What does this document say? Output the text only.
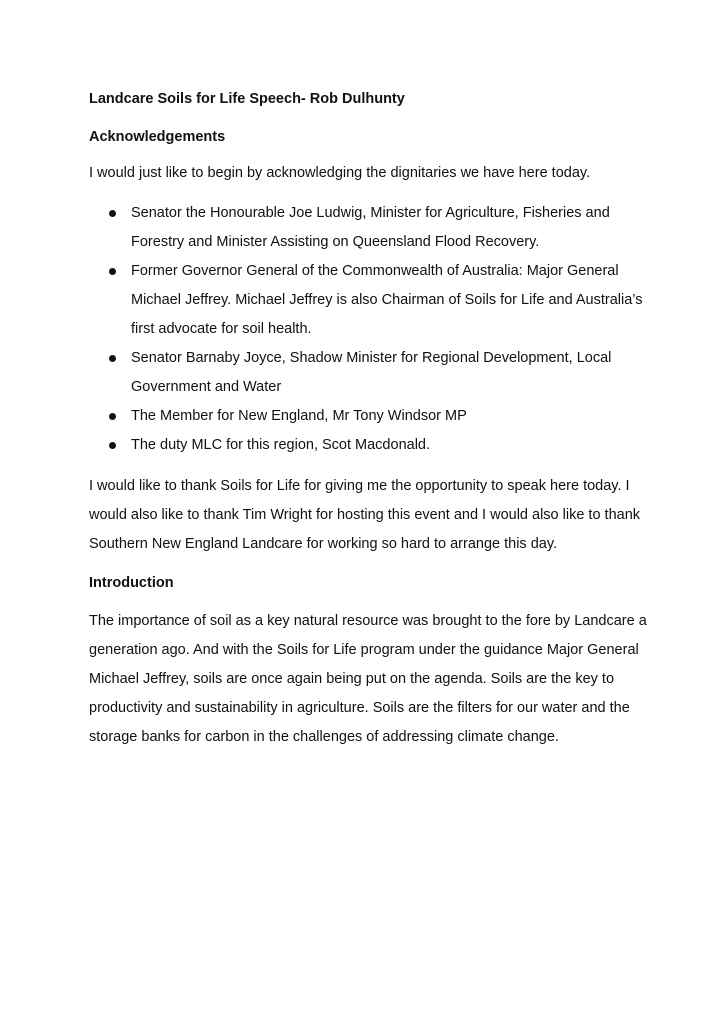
Landcare Soils for Life Speech- Rob Dulhunty

Acknowledgements

I would just like to begin by acknowledging the dignitaries we have here today.

Senator the Honourable Joe Ludwig, Minister for Agriculture, Fisheries and Forestry and Minister Assisting on Queensland Flood Recovery.
Former Governor General of the Commonwealth of Australia: Major General Michael Jeffrey. Michael Jeffrey is also Chairman of Soils for Life and Australia’s first advocate for soil health.
Senator Barnaby Joyce, Shadow Minister for Regional Development, Local Government and Water
The Member for New England, Mr Tony Windsor MP
The duty MLC for this region, Scot Macdonald.

I would like to thank Soils for Life for giving me the opportunity to speak here today. I would also like to thank Tim Wright for hosting this event and I would also like to thank Southern New England Landcare for working so hard to arrange this day.

Introduction

The importance of soil as a key natural resource was brought to the fore by Landcare a generation ago. And with the Soils for Life program under the guidance Major General Michael Jeffrey, soils are once again being put on the agenda. Soils are the key to productivity and sustainability in agriculture. Soils are the filters for our water and the storage banks for carbon in the challenges of addressing climate change.
